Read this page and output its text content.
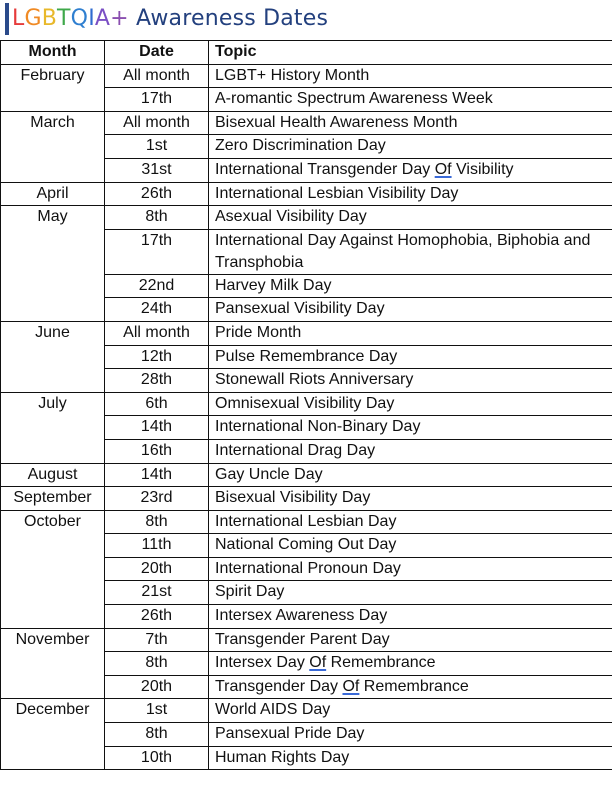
LGBTQIA+ Awareness Dates
Month	Date	Topic
February	All month	LGBT+ History Month
	17th	A-romantic Spectrum Awareness Week
March	All month	Bisexual Health Awareness Month
	1st	Zero Discrimination Day
	31st	International Transgender Day Of Visibility
April	26th	International Lesbian Visibility Day
May	8th	Asexual Visibility Day
	17th	International Day Against Homophobia, Biphobia and Transphobia
	22nd	Harvey Milk Day
	24th	Pansexual Visibility Day
June	All month	Pride Month
	12th	Pulse Remembrance Day
	28th	Stonewall Riots Anniversary
July	6th	Omnisexual Visibility Day
	14th	International Non-Binary Day
	16th	International Drag Day
August	14th	Gay Uncle Day
September	23rd	Bisexual Visibility Day
October	8th	International Lesbian Day
	11th	National Coming Out Day
	20th	International Pronoun Day
	21st	Spirit Day
	26th	Intersex Awareness Day
November	7th	Transgender Parent Day
	8th	Intersex Day Of Remembrance
	20th	Transgender Day Of Remembrance
December	1st	World AIDS Day
	8th	Pansexual Pride Day
	10th	Human Rights Day
